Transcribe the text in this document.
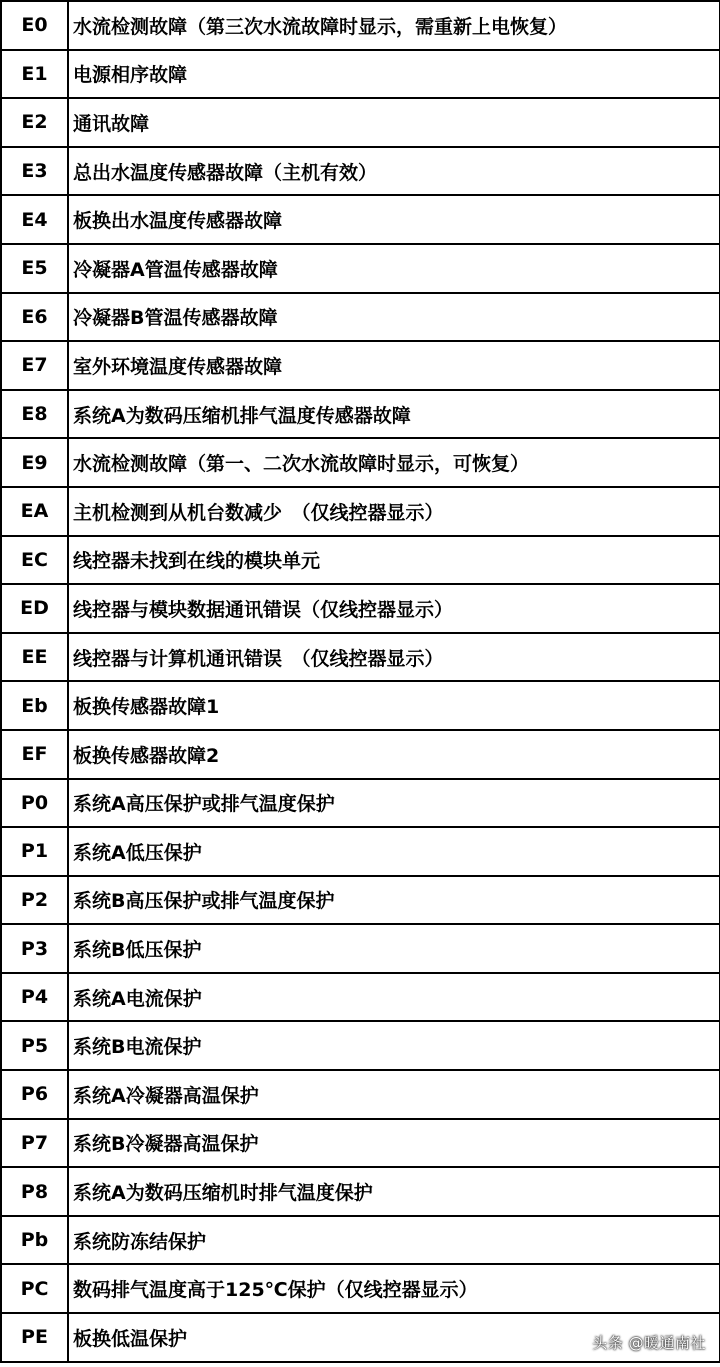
E0	水流检测故障（第三次水流故障时显示，需重新上电恢复）
E1	电源相序故障
E2	通讯故障
E3	总出水温度传感器故障（主机有效）
E4	板换出水温度传感器故障
E5	冷凝器A管温传感器故障
E6	冷凝器B管温传感器故障
E7	室外环境温度传感器故障
E8	系统A为数码压缩机排气温度传感器故障
E9	水流检测故障（第一、二次水流故障时显示，可恢复）
EA	主机检测到从机台数减少　（仅线控器显示）
EC	线控器未找到在线的模块单元
ED	线控器与模块数据通讯错误（仅线控器显示）
EE	线控器与计算机通讯错误　（仅线控器显示）
Eb	板换传感器故障1
EF	板换传感器故障2
P0	系统A高压保护或排气温度保护
P1	系统A低压保护
P2	系统B高压保护或排气温度保护
P3	系统B低压保护
P4	系统A电流保护
P5	系统B电流保护
P6	系统A冷凝器高温保护
P7	系统B冷凝器高温保护
P8	系统A为数码压缩机时排气温度保护
Pb	系统防冻结保护
PC	数码排气温度高于125℃保护（仅线控器显示）
PE	板换低温保护	头条 @暖通南社
